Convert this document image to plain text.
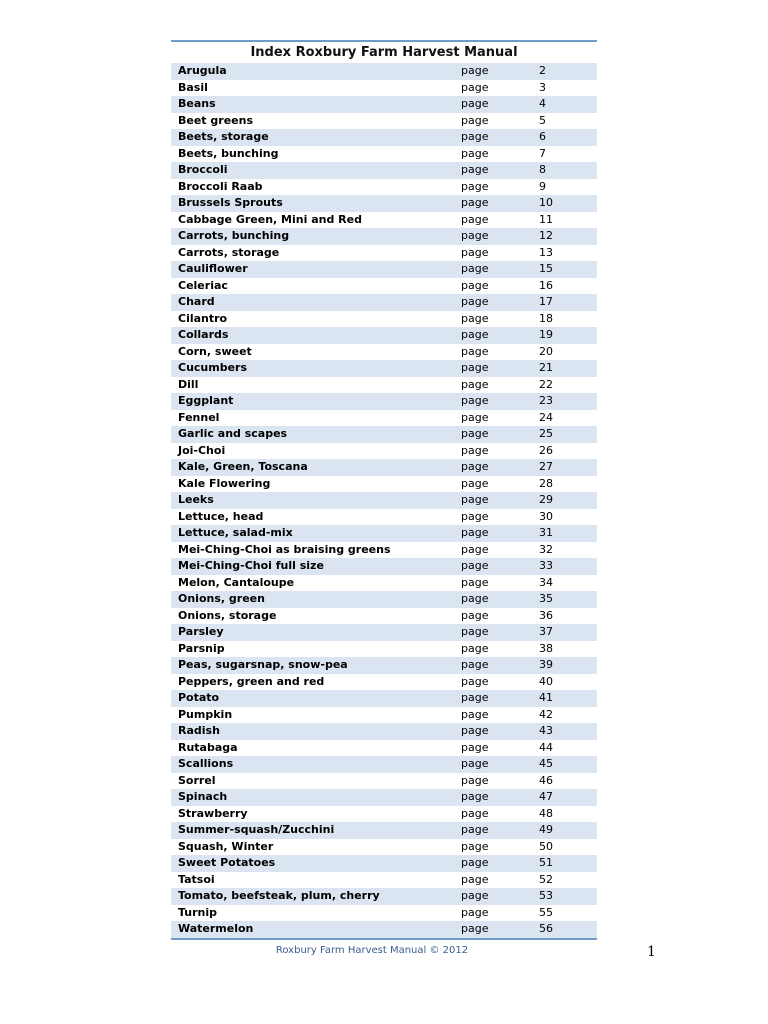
Index Roxbury Farm Harvest Manual
Arugula	page	2
Basil	page	3
Beans	page	4
Beet greens	page	5
Beets, storage	page	6
Beets, bunching	page	7
Broccoli	page	8
Broccoli Raab	page	9
Brussels Sprouts	page	10
Cabbage Green, Mini and Red	page	11
Carrots, bunching	page	12
Carrots, storage	page	13
Cauliflower	page	15
Celeriac	page	16
Chard	page	17
Cilantro	page	18
Collards	page	19
Corn, sweet	page	20
Cucumbers	page	21
Dill	page	22
Eggplant	page	23
Fennel	page	24
Garlic and scapes	page	25
Joi-Choi	page	26
Kale, Green, Toscana	page	27
Kale Flowering	page	28
Leeks	page	29
Lettuce, head	page	30
Lettuce, salad-mix	page	31
Mei-Ching-Choi as braising greens	page	32
Mei-Ching-Choi full size	page	33
Melon, Cantaloupe	page	34
Onions, green	page	35
Onions, storage	page	36
Parsley	page	37
Parsnip	page	38
Peas, sugarsnap, snow-pea	page	39
Peppers, green and red	page	40
Potato	page	41
Pumpkin	page	42
Radish	page	43
Rutabaga	page	44
Scallions	page	45
Sorrel	page	46
Spinach	page	47
Strawberry	page	48
Summer-squash/Zucchini	page	49
Squash, Winter	page	50
Sweet Potatoes	page	51
Tatsoi	page	52
Tomato, beefsteak, plum, cherry	page	53
Turnip	page	55
Watermelon	page	56
Roxbury Farm Harvest Manual © 2012	1
